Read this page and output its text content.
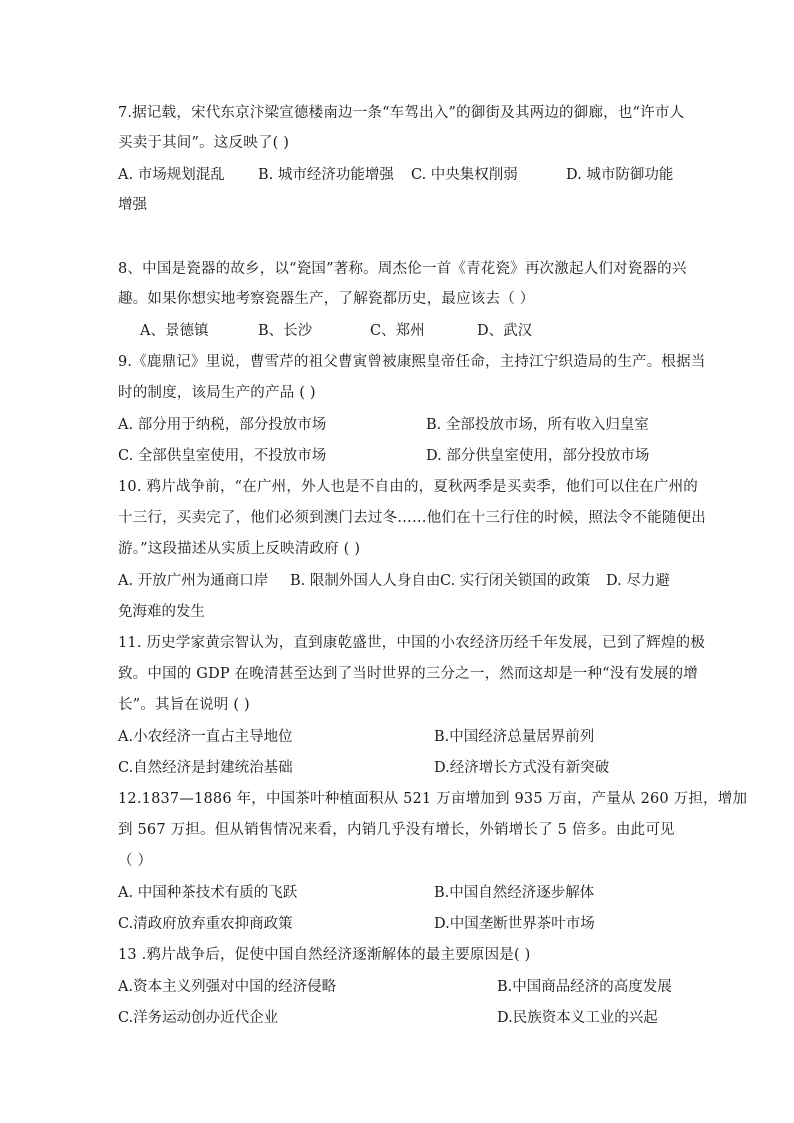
7.据记载，宋代东京汴梁宣德楼南边一条“车驾出入”的御街及其两边的御廊，也“许市人
买卖于其间”。这反映了( )
A. 市场规划混乱 B. 城市经济功能增强 C. 中央集权削弱	D. 城市防御功能
增强
8、中国是瓷器的故乡，以“瓷国”著称。周杰伦一首《青花瓷》再次激起人们对瓷器的兴
趣。如果你想实地考察瓷器生产，了解瓷都历史，最应该去（ ）
A、景德镇	B、长沙	C、郑州	D、武汉
9.《鹿鼎记》里说，曹雪芹的祖父曹寅曾被康熙皇帝任命，主持江宁织造局的生产。根据当
时的制度，该局生产的产品 ( )
A. 部分用于纳税，部分投放市场	B. 全部投放市场，所有收入归皇室
C. 全部供皇室使用，不投放市场	D. 部分供皇室使用，部分投放市场
10. 鸦片战争前，“在广州，外人也是不自由的，夏秋两季是买卖季，他们可以住在广州的
十三行，买卖完了，他们必须到澳门去过冬……他们在十三行住的时候，照法令不能随便出
游。”这段描述从实质上反映清政府 ( )
A. 开放广州为通商口岸 B. 限制外国人人身自由 C. 实行闭关锁国的政策 D. 尽力避
免海难的发生
11. 历史学家黄宗智认为，直到康乾盛世，中国的小农经济历经千年发展，已到了辉煌的极
致。中国的 GDP 在晚清甚至达到了当时世界的三分之一，然而这却是一种“没有发展的增
长”。其旨在说明 ( )
A.小农经济一直占主导地位	B.中国经济总量居界前列
C.自然经济是封建统治基础	D.经济增长方式没有新突破
12.1837—1886 年，中国茶叶种植面积从 521 万亩增加到 935 万亩，产量从 260 万担，增加
到 567 万担。但从销售情况来看，内销几乎没有增长，外销增长了 5 倍多。由此可见
（ ）
A. 中国种茶技术有质的飞跃	B.中国自然经济逐步解体
C.清政府放弃重农抑商政策	D.中国垄断世界茶叶市场
13 .鸦片战争后，促使中国自然经济逐渐解体的最主要原因是( )
A.资本主义列强对中国的经济侵略	B.中国商品经济的高度发展
C.洋务运动创办近代企业	D.民族资本义工业的兴起
